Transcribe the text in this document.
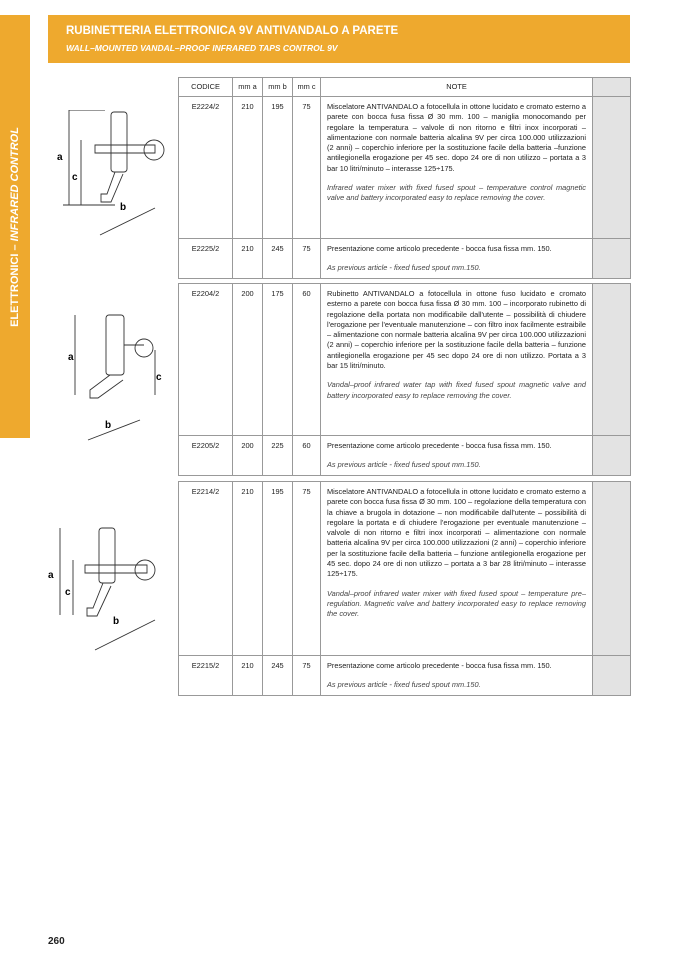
ELETTRONICI – INFRARED CONTROL
RUBINETTERIA ELETTRONICA 9V ANTIVANDALO A PARETE
WALL–MOUNTED VANDAL–PROOF INFRARED TAPS CONTROL 9V
CODICE	mm a	mm b	mm c	NOTE	
E2224/2	210	195	75	Miscelatore ANTIVANDALO a fotocellula in ottone lucidato e cromato esterno a parete con bocca fusa fissa Ø 30 mm. 100 – maniglia monocomando per regolare la temperatura – valvole di non ritorno e filtri inox incorporati – alimentazione con normale batteria alcalina 9V per circa 100.000 utilizzazioni (2 anni) – coperchio inferiore per la sostituzione facile della batteria –funzione antilegionella erogazione per 45 sec. dopo 24 ore di non utilizzo – portata a 3 bar 10 litri/minuto – interasse 125÷175.
Infrared water mixer with fixed fused spout – temperature control magnetic valve and battery incorporated easy to replace removing the cover.	

E2225/2	210	245	75	Presentazione come articolo precedente - bocca fusa fissa mm. 150.
As previous article - fixed fused spout mm.150.	

E2204/2	200	175	60	Rubinetto ANTIVANDALO a fotocellula in ottone fuso lucidato e cromato esterno a parete con bocca fusa fissa Ø 30 mm. 100 – incorporato rubinetto di regolazione della portata non modificabile dall'utente – possibilità di chiudere l'erogazione per l'eventuale manutenzione – con filtro inox facilmente estraibile – alimentazione con normale batteria alcalina 9V per circa 100.000 utilizzazioni (2 anni) – coperchio inferiore per la sostituzione facile della batteria – funzione antilegionella erogazione per 45 sec dopo 24 ore di non utilizzo. Portata a 3 bar 15 litri/minuto.
Vandal–proof infrared water tap with fixed fused spout magnetic valve and battery incorporated easy to replace removing the cover.	

E2205/2	200	225	60	Presentazione come articolo precedente - bocca fusa fissa mm. 150.
As previous article - fixed fused spout mm.150.	

E2214/2	210	195	75	Miscelatore ANTIVANDALO a fotocellula in ottone lucidato e cromato esterno a parete con bocca fusa fissa Ø 30 mm. 100 – regolazione della temperatura con la chiave a brugola in dotazione – non modificabile dall'utente – possibilità di regolare la portata e di chiudere l'erogazione per eventuale manutenzione – valvole di non ritorno e filtri inox incorporati – alimentazione con normale batteria alcalina 9V per circa 100.000 utilizzazioni (2 anni) – coperchio inferiore per la sostituzione facile della batteria – funzione antilegionella erogazione per 45 sec. dopo 24 ore di non utilizzo – portata a 3 bar 28 litri/minuto – interasse 125÷175.
Vandal–proof infrared water mixer with fixed fused spout – temperature pre–regulation. Magnetic valve and battery incorporated easy to replace removing the cover.	

E2215/2	210	245	75	Presentazione come articolo precedente - bocca fusa fissa mm. 150.
As previous article - fixed fused spout mm.150.	

a
c
b
a
c
b
a
c
b
260
